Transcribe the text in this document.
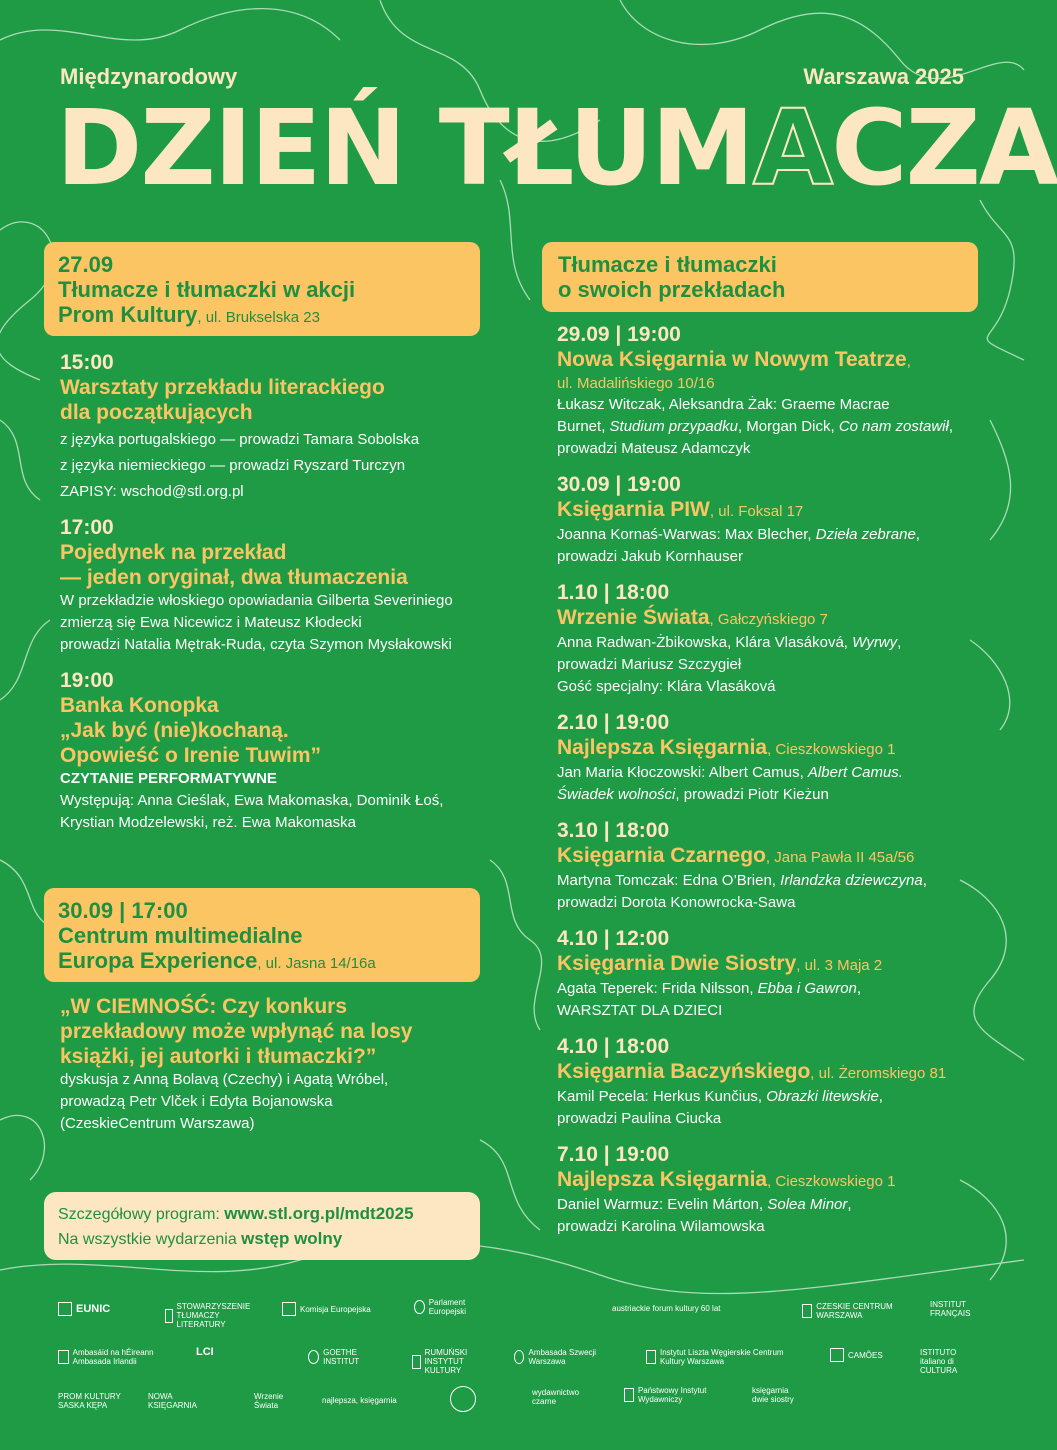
Międzynarodowy	Warszawa 2025
DZIEŃ TŁUMACZA
27.09
Tłumacze i tłumaczki w akcji
Prom Kultury, ul. Brukselska 23
15:00
Warsztaty przekładu literackiego
dla początkujących
z języka portugalskiego — prowadzi Tamara Sobolska
z języka niemieckiego — prowadzi Ryszard Turczyn
ZAPISY: wschod@stl.org.pl
17:00
Pojedynek na przekład
— jeden oryginał, dwa tłumaczenia
W przekładzie włoskiego opowiadania Gilberta Severiniego
zmierzą się Ewa Nicewicz i Mateusz Kłodecki
prowadzi Natalia Mętrak-Ruda, czyta Szymon Mysłakowski
19:00
Banka Konopka
„Jak być (nie)kochaną.
Opowieść o Irenie Tuwim”
CZYTANIE PERFORMATYWNE
Występują: Anna Cieślak, Ewa Makomaska, Dominik Łoś,
Krystian Modzelewski, reż. Ewa Makomaska
30.09 | 17:00
Centrum multimedialne
Europa Experience, ul. Jasna 14/16a
„W CIEMNOŚĆ: Czy konkurs
przekładowy może wpłynąć na losy
książki, jej autorki i tłumaczki?”
dyskusja z Anną Bolavą (Czechy) i Agatą Wróbel,
prowadzą Petr Vlček i Edyta Bojanowska
(CzeskieCentrum Warszawa)
Szczegółowy program: www.stl.org.pl/mdt2025
Na wszystkie wydarzenia wstęp wolny
Tłumacze i tłumaczki
o swoich przekładach
29.09 | 19:00
Nowa Księgarnia w Nowym Teatrze,
ul. Madalińskiego 10/16
Łukasz Witczak, Aleksandra Żak: Graeme Macrae
Burnet, Studium przypadku, Morgan Dick, Co nam zostawił,
prowadzi Mateusz Adamczyk
30.09 | 19:00
Księgarnia PIW, ul. Foksal 17
Joanna Kornaś-Warwas: Max Blecher, Dzieła zebrane,
prowadzi Jakub Kornhauser
1.10 | 18:00
Wrzenie Świata, Gałczyńskiego 7
Anna Radwan-Żbikowska, Klára Vlasáková, Wyrwy,
prowadzi Mariusz Szczygieł
Gość specjalny: Klára Vlasáková
2.10 | 19:00
Najlepsza Księgarnia, Cieszkowskiego 1
Jan Maria Kłoczowski: Albert Camus, Albert Camus.
Świadek wolności, prowadzi Piotr Kieżun
3.10 | 18:00
Księgarnia Czarnego, Jana Pawła II 45a/56
Martyna Tomczak: Edna O’Brien, Irlandzka dziewczyna,
prowadzi Dorota Konowrocka-Sawa
4.10 | 12:00
Księgarnia Dwie Siostry, ul. 3 Maja 2
Agata Teperek: Frida Nilsson, Ebba i Gawron,
WARSZTAT DLA DZIECI
4.10 | 18:00
Księgarnia Baczyńskiego, ul. Żeromskiego 81
Kamil Pecela: Herkus Kunčius, Obrazki litewskie,
prowadzi Paulina Ciucka
7.10 | 19:00
Najlepsza Księgarnia, Cieszkowskiego 1
Daniel Warmuz: Evelin Márton, Solea Minor,
prowadzi Karolina Wilamowska
EUNIC	STOWARZYSZENIE TŁUMACZY LITERATURY
Komisja Europejska
Parlament Europejski	austriackie forum kultury 60 lat	CZESKIE CENTRUM WARSZAWA
INSTITUT FRANÇAIS
Ambasáid na hÉireann Ambasada Irlandii
LCI	GOETHE INSTITUT
RUMUŃSKI INSTYTUT KULTURY
Ambasada Szwecji Warszawa
Instytut Liszta Węgierskie Centrum Kultury Warszawa
CAMÕES	ISTITUTO italiano di CULTURA
PROM KULTURY SASKA KĘPA
NOWA KSIĘGARNIA
Wrzenie Świata
najlepsza, księgarnia
wydawnictwo czarne
Państwowy Instytut Wydawniczy
księgarnia dwie siostry
